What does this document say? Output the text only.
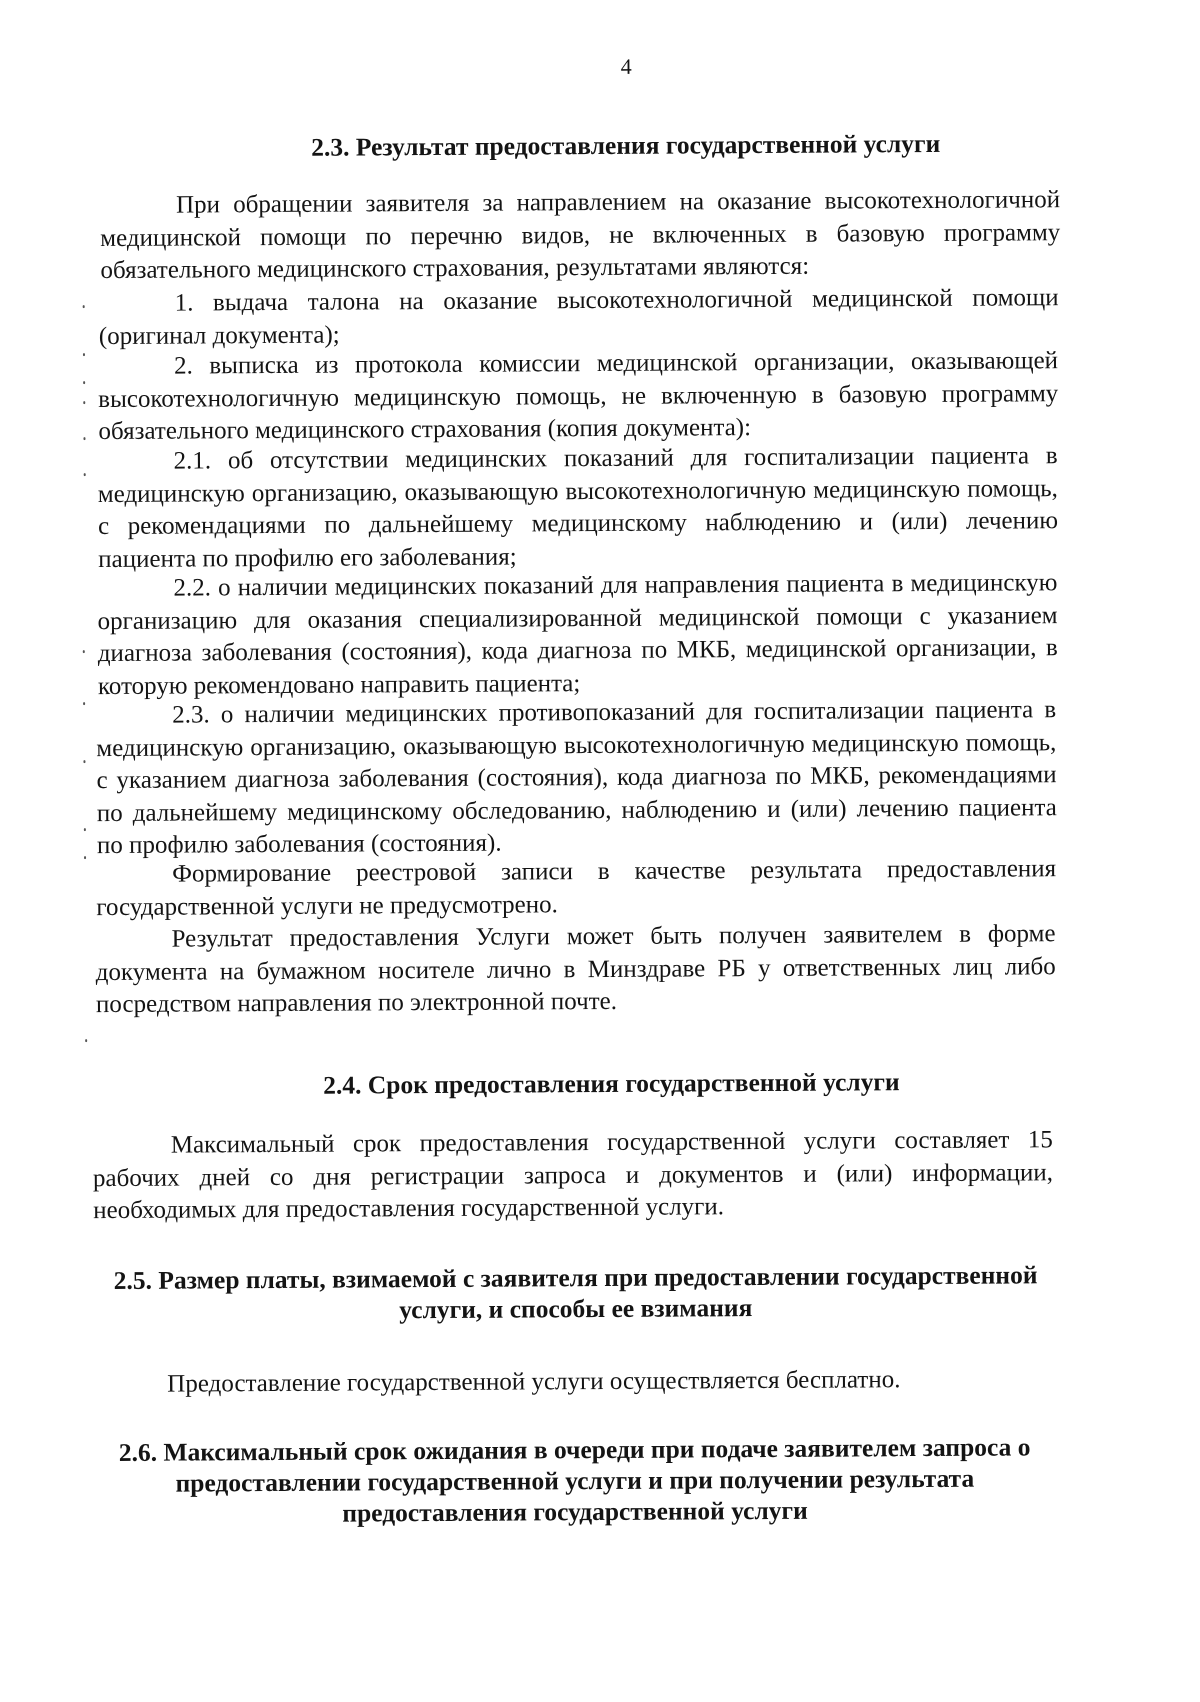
4
2.3. Результат предоставления государственной услуги
При обращении заявителя за направлением на оказание высокотехнологичной медицинской помощи по перечню видов, не включенных в базовую программу обязательного медицинского страхования, результатами являются:
1. выдача талона на оказание высокотехнологичной медицинской помощи (оригинал документа);
2. выписка из протокола комиссии медицинской организации, оказывающей высокотехнологичную медицинскую помощь, не включенную в базовую программу обязательного медицинского страхования (копия документа):
2.1. об отсутствии медицинских показаний для госпитализации пациента в медицинскую организацию, оказывающую высокотехнологичную медицинскую помощь, с рекомендациями по дальнейшему медицинскому наблюдению и (или) лечению пациента по профилю его заболевания;
2.2. о наличии медицинских показаний для направления пациента в медицинскую организацию для оказания специализированной медицинской помощи с указанием диагноза заболевания (состояния), кода диагноза по МКБ, медицинской организации, в которую рекомендовано направить пациента;
2.3. о наличии медицинских противопоказаний для госпитализации пациента в медицинскую организацию, оказывающую высокотехнологичную медицинскую помощь, с указанием диагноза заболевания (состояния), кода диагноза по МКБ, рекомендациями по дальнейшему медицинскому обследованию, наблюдению и (или) лечению пациента по профилю заболевания (состояния).
Формирование реестровой записи в качестве результата предоставления государственной услуги не предусмотрено.
Результат предоставления Услуги может быть получен заявителем в форме документа на бумажном носителе лично в Минздраве РБ у ответственных лиц либо посредством направления по электронной почте.
2.4. Срок предоставления государственной услуги
Максимальный срок предоставления государственной услуги составляет 15 рабочих дней со дня регистрации запроса и документов и (или) информации, необходимых для предоставления государственной услуги.
2.5. Размер платы, взимаемой с заявителя при предоставлении государственной услуги, и способы ее взимания
Предоставление государственной услуги осуществляется бесплатно.
2.6. Максимальный срок ожидания в очереди при подаче заявителем запроса о предоставлении государственной услуги и при получении результата предоставления государственной услуги
